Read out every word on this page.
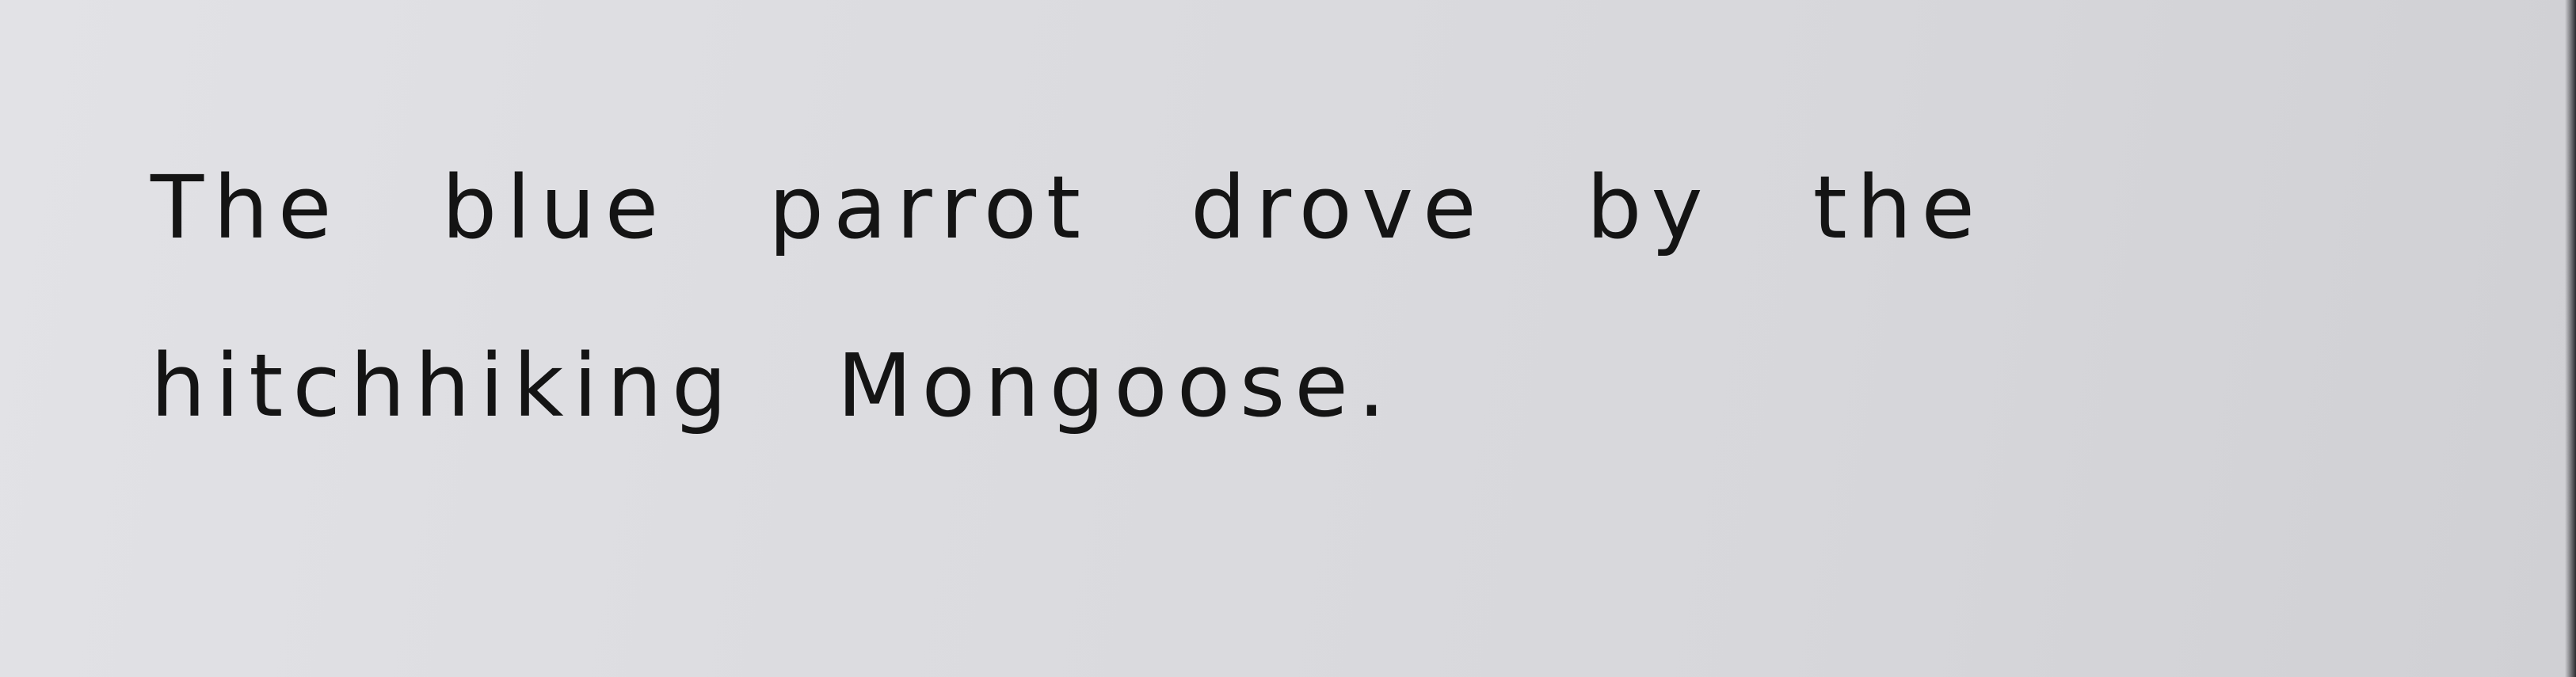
The blue parrot drove by the hitchhiking Mongoose.
